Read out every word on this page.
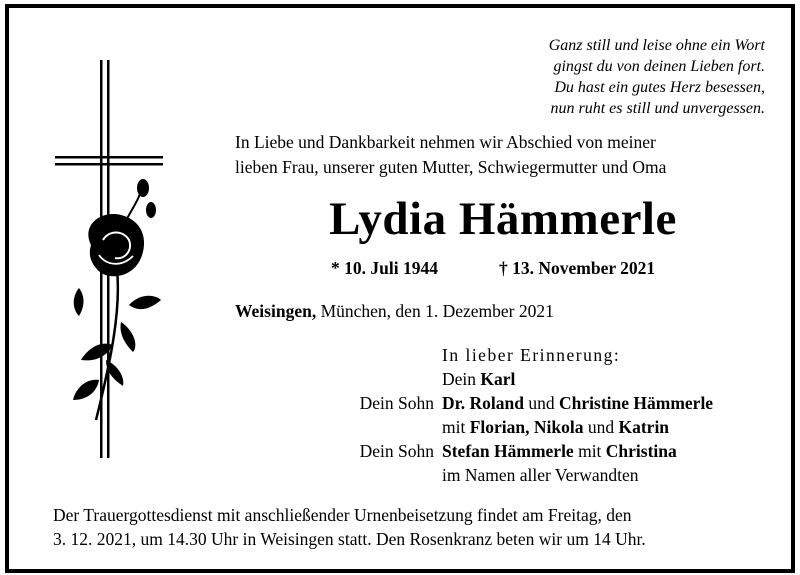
Ganz still und leise ohne ein Wort
gingst du von deinen Lieben fort.
Du hast ein gutes Herz besessen,
nun ruht es still und unvergessen.
In Liebe und Dankbarkeit nehmen wir Abschied von meiner
lieben Frau, unserer guten Mutter, Schwiegermutter und Oma
Lydia Hämmerle
* 10. Juli 1944	† 13. November 2021
Weisingen, München, den 1. Dezember 2021
In lieber Erinnerung:
Dein Karl
Dein Sohn Dr. Roland und Christine Hämmerle
mit Florian, Nikola und Katrin
Dein Sohn Stefan Hämmerle mit Christina
im Namen aller Verwandten
Der Trauergottesdienst mit anschließender Urnenbeisetzung findet am Freitag, den
3. 12. 2021, um 14.30 Uhr in Weisingen statt. Den Rosenkranz beten wir um 14 Uhr.
